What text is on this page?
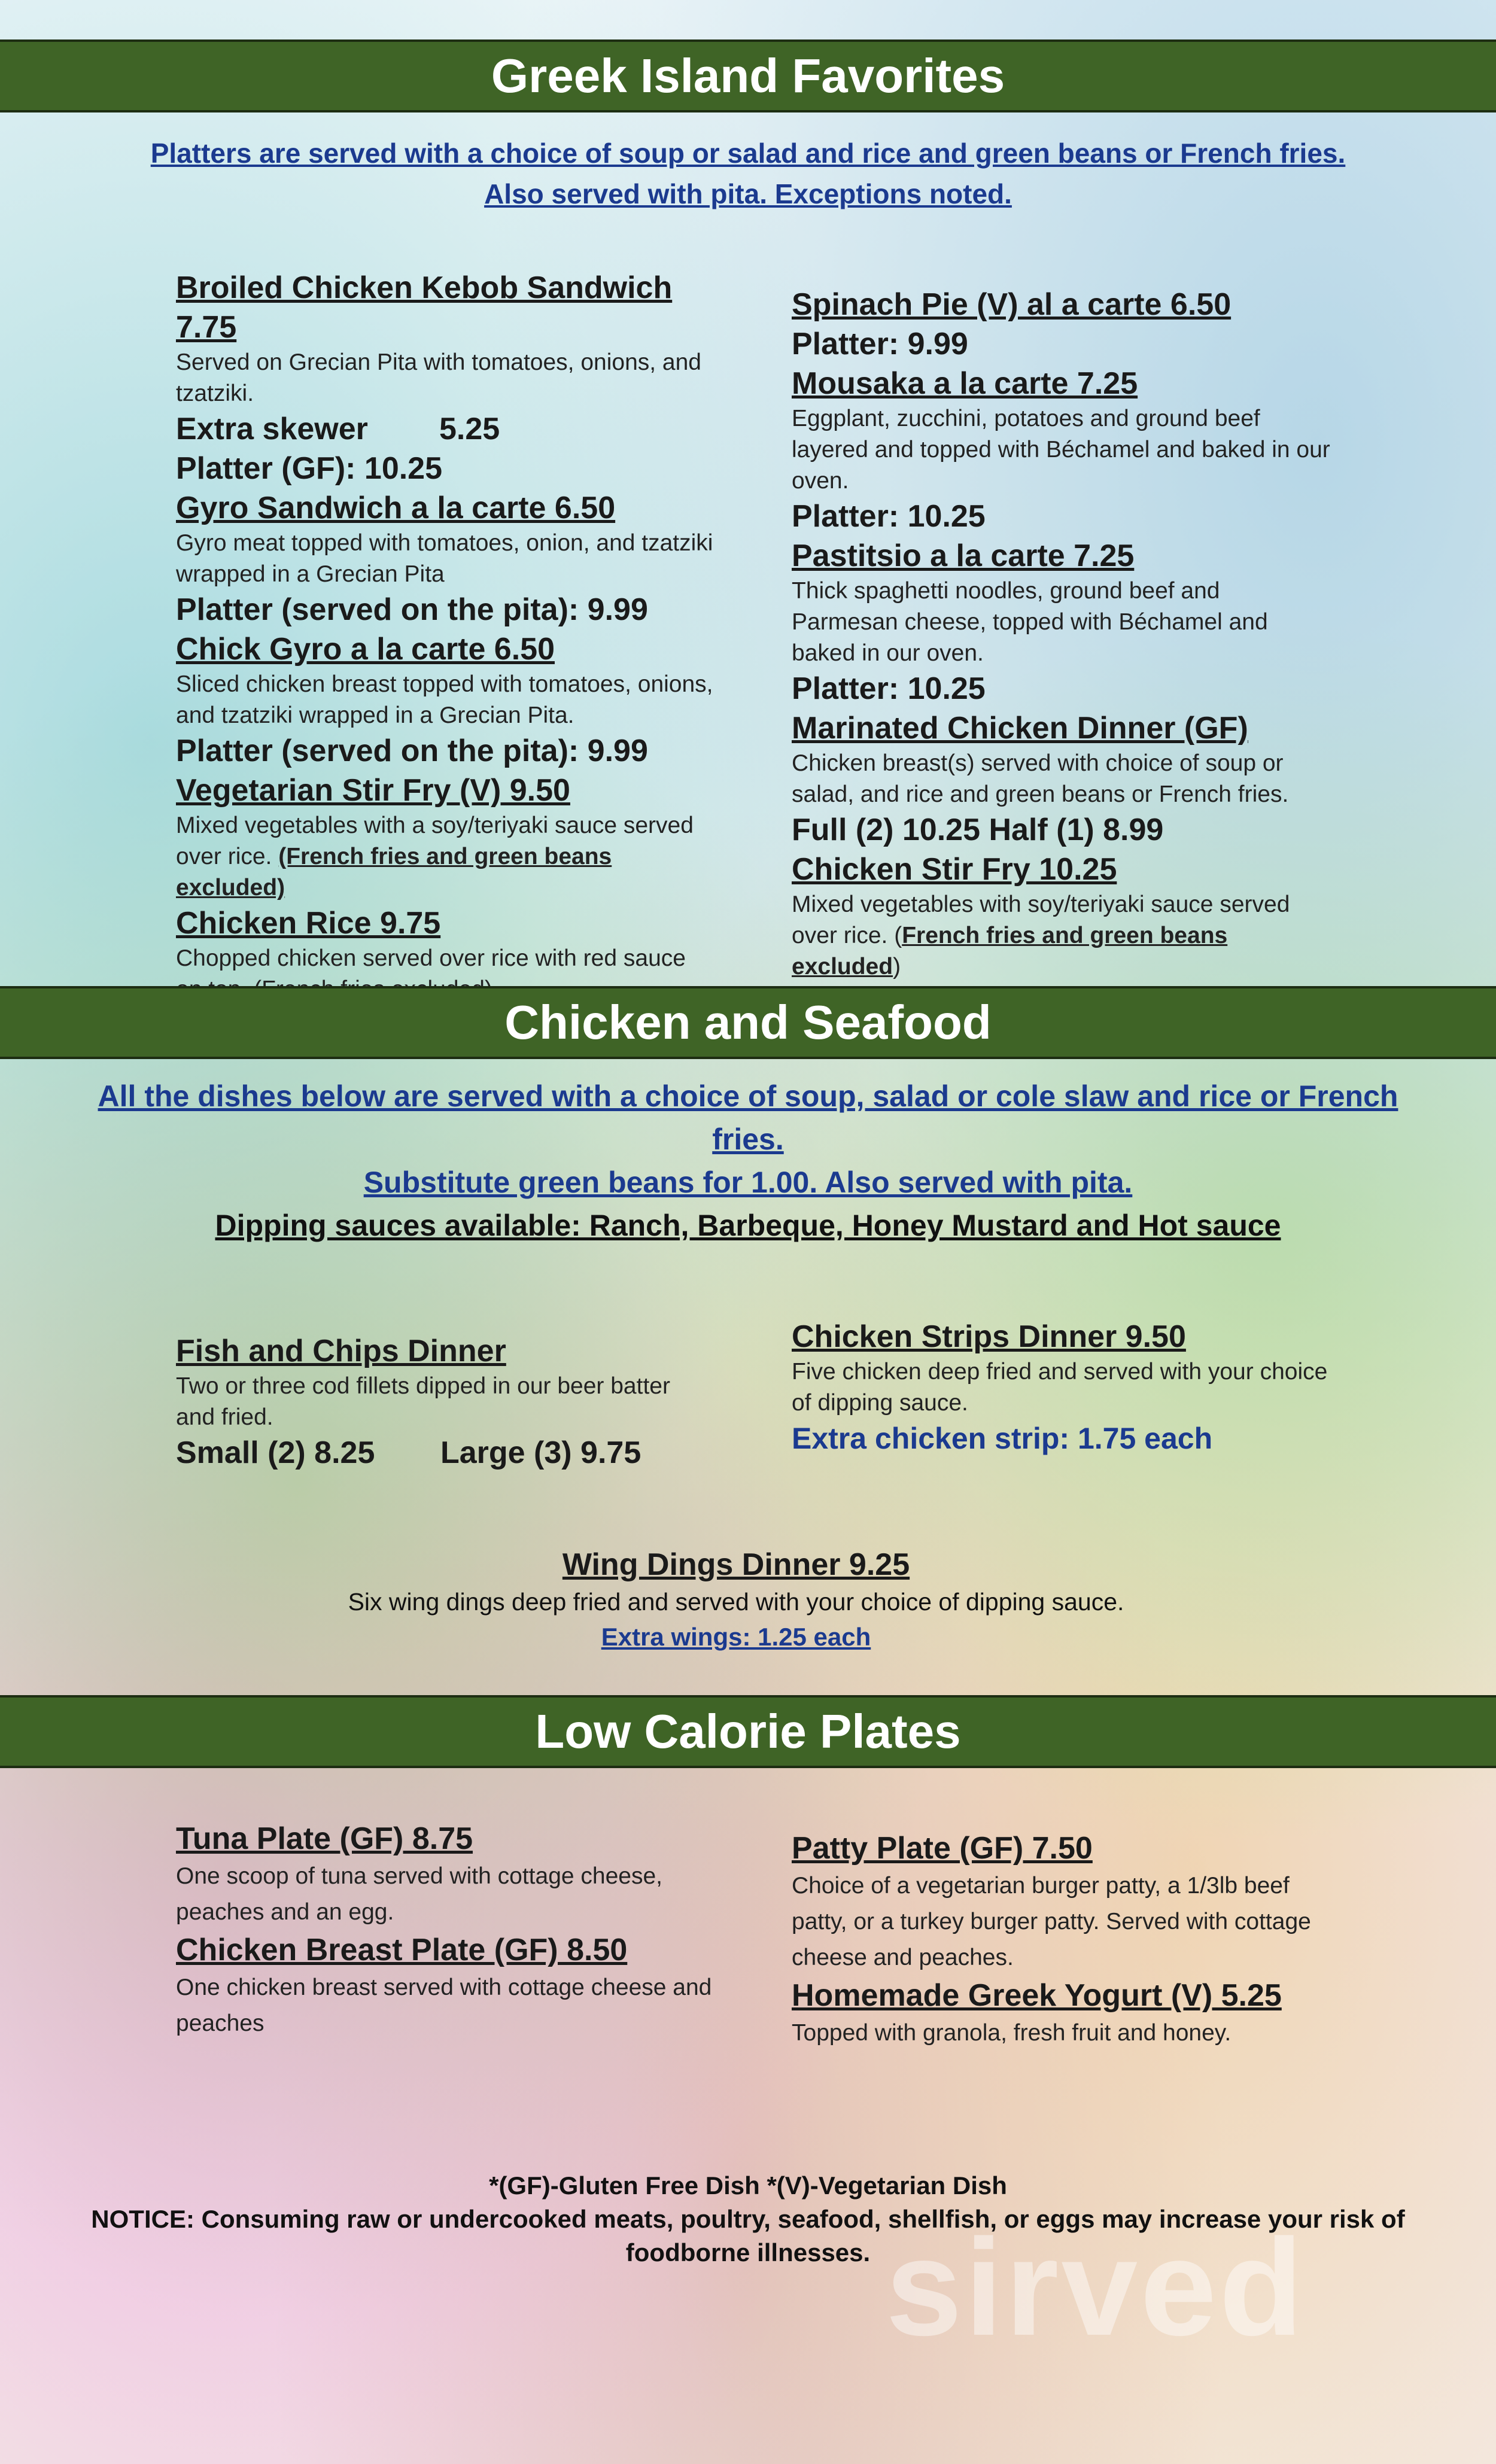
Greek Island Favorites
Platters are served with a choice of soup or salad and rice and green beans or French fries.
Also served with pita. Exceptions noted.
Broiled Chicken Kebob Sandwich 7.75
Served on Grecian Pita with tomatoes, onions, and tzatziki.
Extra skewer 5.25
Platter (GF): 10.25
Gyro Sandwich a la carte 6.50
Gyro meat topped with tomatoes, onion, and tzatziki wrapped in a Grecian Pita
Platter (served on the pita): 9.99
Chick Gyro a la carte 6.50
Sliced chicken breast topped with tomatoes, onions, and tzatziki wrapped in a Grecian Pita.
Platter (served on the pita): 9.99
Vegetarian Stir Fry (V) 9.50
Mixed vegetables with a soy/teriyaki sauce served over rice. (French fries and green beans excluded)
Chicken Rice 9.75
Chopped chicken served over rice with red sauce
Spinach Pie (V) al a carte 6.50
Platter: 9.99
Mousaka a la carte 7.25
Eggplant, zucchini, potatoes and ground beef layered and topped with Béchamel and baked in our oven.
Platter: 10.25
Pastitsio a la carte 7.25
Thick spaghetti noodles, ground beef and Parmesan cheese, topped with Béchamel and baked in our oven.
Platter: 10.25
Marinated Chicken Dinner (GF)
Chicken breast(s) served with choice of soup or salad, and rice and green beans or French fries.
Full (2) 10.25 Half (1) 8.99
Chicken Stir Fry 10.25
Mixed vegetables with soy/teriyaki sauce served over rice. (French fries and green beans excluded)
Chicken and Seafood
All the dishes below are served with a choice of soup, salad or cole slaw and rice or French fries.
Substitute green beans for 1.00. Also served with pita.
Dipping sauces available: Ranch, Barbeque, Honey Mustard and Hot sauce
Fish and Chips Dinner
Two or three cod fillets dipped in our beer batter and fried.
Small (2) 8.25 Large (3) 9.75
Chicken Strips Dinner 9.50
Five chicken deep fried and served with your choice of dipping sauce.
Extra chicken strip: 1.75 each
Wing Dings Dinner 9.25
Six wing dings deep fried and served with your choice of dipping sauce.
Extra wings: 1.25 each
Low Calorie Plates
Tuna Plate (GF) 8.75
One scoop of tuna served with cottage cheese, peaches and an egg.
Chicken Breast Plate (GF) 8.50
One chicken breast served with cottage cheese and peaches
Patty Plate (GF) 7.50
Choice of a vegetarian burger patty, a 1/3lb beef patty, or a turkey burger patty. Served with cottage cheese and peaches.
Homemade Greek Yogurt (V) 5.25
Topped with granola, fresh fruit and honey.
*(GF)-Gluten Free Dish *(V)-Vegetarian Dish
NOTICE: Consuming raw or undercooked meats, poultry, seafood, shellfish, or eggs may increase your risk of foodborne illnesses. sirved
